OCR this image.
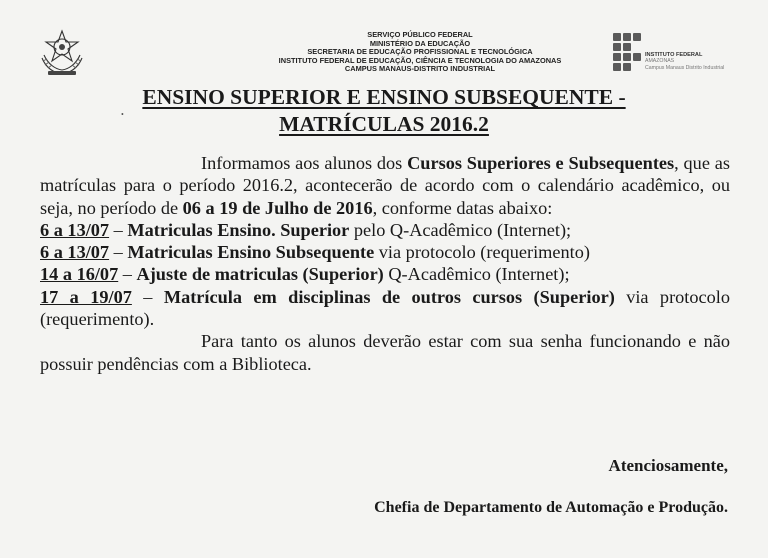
SERVIÇO PÚBLICO FEDERAL
MINISTÉRIO DA EDUCAÇÃO
SECRETARIA DE EDUCAÇÃO PROFISSIONAL E TECNOLÓGICA
INSTITUTO FEDERAL DE EDUCAÇÃO, CIÊNCIA E TECNOLOGIA DO AMAZONAS
CAMPUS MANAUS-DISTRITO INDUSTRIAL
INSTITUTO FEDERAL
AMAZONAS
Campus Manaus Distrito Industrial
•
ENSINO SUPERIOR E ENSINO SUBSEQUENTE -
MATRÍCULAS 2016.2
Informamos aos alunos dos Cursos Superiores e Subsequentes, que as matrículas para o período 2016.2, acontecerão de acordo com o calendário acadêmico, ou seja, no período de 06 a 19 de Julho de 2016, conforme datas abaixo:
6 a 13/07 – Matriculas Ensino. Superior pelo Q-Acadêmico (Internet);
6 a 13/07 – Matriculas Ensino Subsequente via protocolo (requerimento)
14 a 16/07 – Ajuste de matriculas (Superior) Q-Acadêmico (Internet);
17 a 19/07 – Matrícula em disciplinas de outros cursos (Superior) via protocolo (requerimento).
Para tanto os alunos deverão estar com sua senha funcionando e não possuir pendências com a Biblioteca.
Atenciosamente,
Chefia de Departamento de Automação e Produção.
